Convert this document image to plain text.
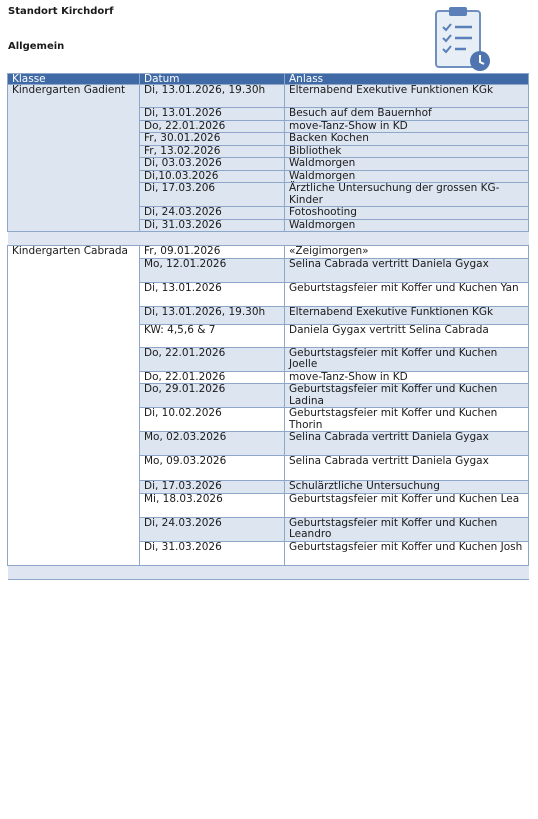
Standort Kirchdorf
Allgemein
Klasse	Datum	Anlass
Kindergarten Gadient	Di, 13.01.2026, 19.30h	Elternabend Exekutive Funktionen KGk
	Di, 13.01.2026	Besuch auf dem Bauernhof
	Do, 22.01.2026	move-Tanz-Show in KD
	Fr, 30.01.2026	Backen Kochen
	Fr, 13.02.2026	Bibliothek
	Di, 03.03.2026	Waldmorgen
	Di,10.03.2026	Waldmorgen
	Di, 17.03.206	Ärztliche Untersuchung der grossen KG-Kinder
	Di, 24.03.2026	Fotoshooting
	Di, 31.03.2026	Waldmorgen

Kindergarten Cabrada	Fr, 09.01.2026	«Zeigimorgen»
	Mo, 12.01.2026	Selina Cabrada vertritt Daniela Gygax
	Di, 13.01.2026	Geburtstagsfeier mit Koffer und Kuchen Yan
	Di, 13.01.2026, 19.30h	Elternabend Exekutive Funktionen KGk
	KW: 4,5,6 & 7	Daniela Gygax vertritt Selina Cabrada
	Do, 22.01.2026	Geburtstagsfeier mit Koffer und Kuchen Joelle
	Do, 22.01.2026	move-Tanz-Show in KD
	Do, 29.01.2026	Geburtstagsfeier mit Koffer und Kuchen Ladina
	Di, 10.02.2026	Geburtstagsfeier mit Koffer und Kuchen Thorin
	Mo, 02.03.2026	Selina Cabrada vertritt Daniela Gygax
	Mo, 09.03.2026	Selina Cabrada vertritt Daniela Gygax
	Di, 17.03.2026	Schulärztliche Untersuchung
	Mi, 18.03.2026	Geburtstagsfeier mit Koffer und Kuchen Lea
	Di, 24.03.2026	Geburtstagsfeier mit Koffer und Kuchen Leandro
	Di, 31.03.2026	Geburtstagsfeier mit Koffer und Kuchen Josh
